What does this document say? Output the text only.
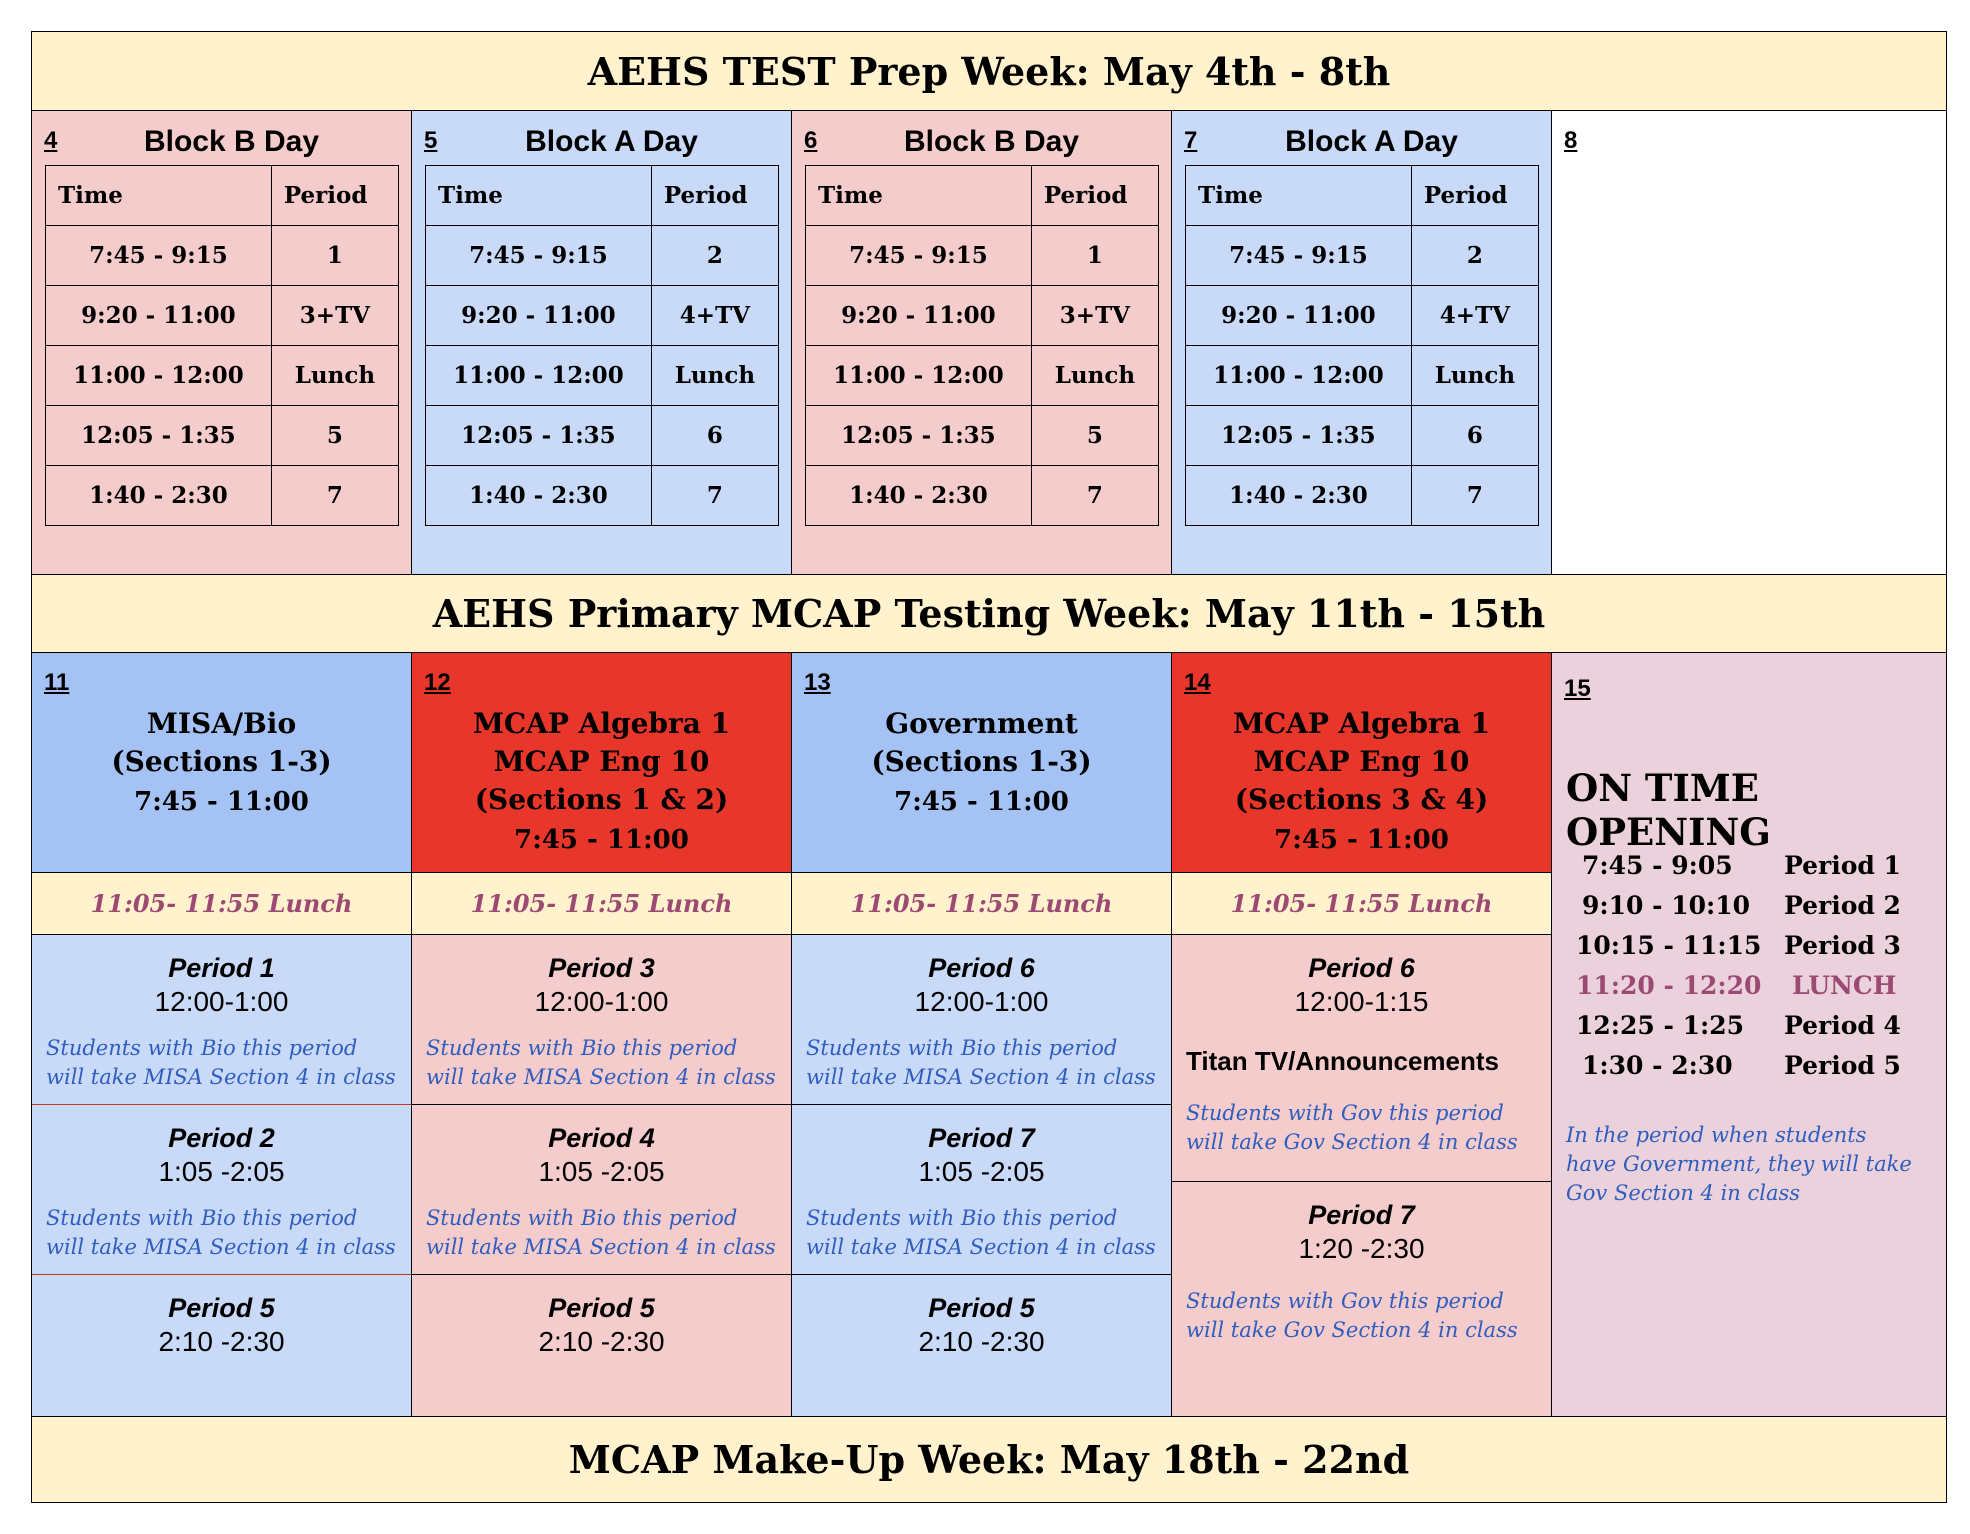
AEHS TEST Prep Week: May 4th - 8th
4	Block B Day
Time	Period
7:45 - 9:15	1
9:20 - 11:00	3+TV
11:00 - 12:00	Lunch
12:05 - 1:35	5
1:40 - 2:30	7
5	Block A Day
Time	Period
7:45 - 9:15	2
9:20 - 11:00	4+TV
11:00 - 12:00	Lunch
12:05 - 1:35	6
1:40 - 2:30	7
6	Block B Day
Time	Period
7:45 - 9:15	1
9:20 - 11:00	3+TV
11:00 - 12:00	Lunch
12:05 - 1:35	5
1:40 - 2:30	7
7	Block A Day
Time	Period
7:45 - 9:15	2
9:20 - 11:00	4+TV
11:00 - 12:00	Lunch
12:05 - 1:35	6
1:40 - 2:30	7
8
AEHS Primary MCAP Testing Week: May 11th - 15th
11
MISA/Bio
(Sections 1-3)
7:45 - 11:00
12
MCAP Algebra 1
MCAP Eng 10
(Sections 1 & 2)
7:45 - 11:00
13
Government
(Sections 1-3)
7:45 - 11:00
14
MCAP Algebra 1
MCAP Eng 10
(Sections 3 & 4)
7:45 - 11:00
11:05- 11:55 Lunch	11:05- 11:55 Lunch	11:05- 11:55 Lunch	11:05- 11:55 Lunch
Period 1
12:00-1:00
Students with Bio this period
will take MISA Section 4 in class
Period 2
1:05 -2:05
Students with Bio this period
will take MISA Section 4 in class
Period 5
2:10 -2:30
Period 3
12:00-1:00
Students with Bio this period
will take MISA Section 4 in class
Period 4
1:05 -2:05
Students with Bio this period
will take MISA Section 4 in class
Period 5
2:10 -2:30
Period 6
12:00-1:00
Students with Bio this period
will take MISA Section 4 in class
Period 7
1:05 -2:05
Students with Bio this period
will take MISA Section 4 in class
Period 5
2:10 -2:30
Period 6
12:00-1:15
Titan TV/Announcements
Students with Gov this period
will take Gov Section 4 in class
Period 7
1:20 -2:30
Students with Gov this period
will take Gov Section 4 in class
15
ON TIME OPENING
7:45 - 9:05 Period 1
9:10 - 10:10 Period 2
10:15 - 11:15 Period 3
11:20 - 12:20 LUNCH
12:25 - 1:25 Period 4
1:30 - 2:30 Period 5
In the period when students
have Government, they will take
Gov Section 4 in class
MCAP Make-Up Week: May 18th - 22nd
